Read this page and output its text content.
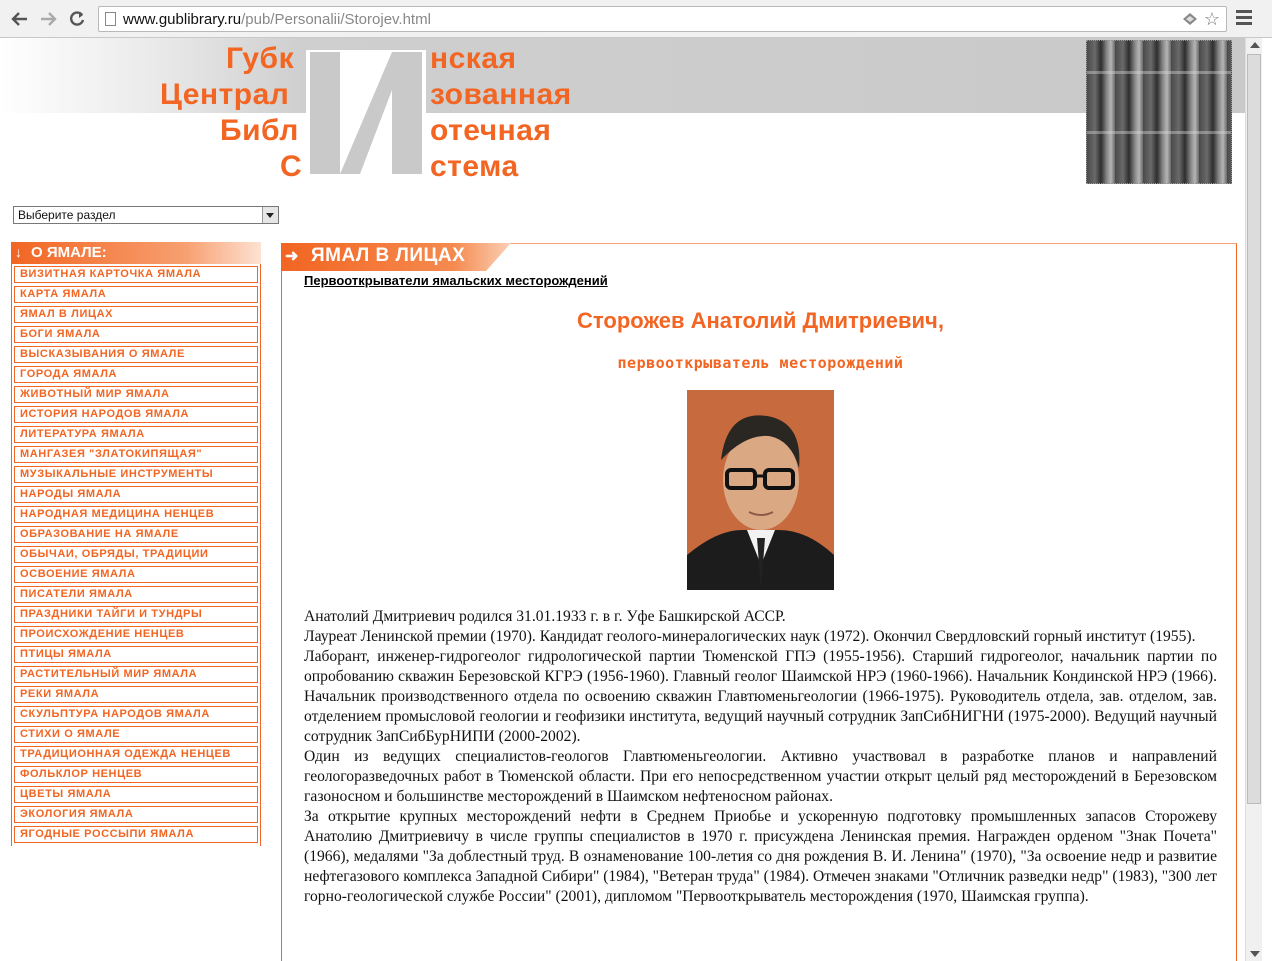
www.gublibrary.ru/pub/Personalii/Storojev.html	☆
Губк
Централ
Библ
С
нская
зованная
отечная
стема
Выберите раздел
↓ О ЯМАЛЕ:
ВИЗИТНАЯ КАРТОЧКА ЯМАЛА
КАРТА ЯМАЛА
ЯМАЛ В ЛИЦАХ
БОГИ ЯМАЛА
ВЫСКАЗЫВАНИЯ О ЯМАЛЕ
ГОРОДА ЯМАЛА
ЖИВОТНЫЙ МИР ЯМАЛА
ИСТОРИЯ НАРОДОВ ЯМАЛА
ЛИТЕРАТУРА ЯМАЛА
МАНГАЗЕЯ "ЗЛАТОКИПЯЩАЯ"
МУЗЫКАЛЬНЫЕ ИНСТРУМЕНТЫ
НАРОДЫ ЯМАЛА
НАРОДНАЯ МЕДИЦИНА НЕНЦЕВ
ОБРАЗОВАНИЕ НА ЯМАЛЕ
ОБЫЧАИ, ОБРЯДЫ, ТРАДИЦИИ
ОСВОЕНИЕ ЯМАЛА
ПИСАТЕЛИ ЯМАЛА
ПРАЗДНИКИ ТАЙГИ И ТУНДРЫ
ПРОИСХОЖДЕНИЕ НЕНЦЕВ
ПТИЦЫ ЯМАЛА
РАСТИТЕЛЬНЫЙ МИР ЯМАЛА
РЕКИ ЯМАЛА
СКУЛЬПТУРА НАРОДОВ ЯМАЛА
СТИХИ О ЯМАЛЕ
ТРАДИЦИОННАЯ ОДЕЖДА НЕНЦЕВ
ФОЛЬКЛОР НЕНЦЕВ
ЦВЕТЫ ЯМАЛА
ЭКОЛОГИЯ ЯМАЛА
ЯГОДНЫЕ РОССЫПИ ЯМАЛА
➜ ЯМАЛ В ЛИЦАХ
Первооткрыватели ямальских месторождений
Сторожев Анатолий Дмитриевич,
первооткрыватель месторождений

Анатолий Дмитриевич родился 31.01.1933 г. в г. Уфе Башкирской АССР.

Лауреат Ленинской премии (1970). Кандидат геолого-минералогических наук (1972). Окончил Свердловский горный институт (1955).

Лаборант, инженер-гидрогеолог гидрологической партии Тюменской ГПЭ (1955-1956). Старший гидрогеолог, начальник партии по опробованию скважин Березовской КГРЭ (1956-1960). Главный геолог Шаимской НРЭ (1960-1966). Начальник Кондинской НРЭ (1966). Начальник производственного отдела по освоению скважин Главтюменьгеологии (1966-1975). Руководитель отдела, зав. отделом, зав. отделением промысловой геологии и геофизики института, ведущий научный сотрудник ЗапСибНИГНИ (1975-2000). Ведущий научный сотрудник ЗапСибБурНИПИ (2000-2002).

Один из ведущих специалистов-геологов Главтюменьгеологии. Активно участвовал в разработке планов и направлений геологоразведочных работ в Тюменской области. При его непосредственном участии открыт целый ряд месторождений в Березовском газоносном и большинстве месторождений в Шаимском нефтеносном районах.

За открытие крупных месторождений нефти в Среднем Приобье и ускоренную подготовку промышленных запасов Сторожеву Анатолию Дмитриевичу в числе группы специалистов в 1970 г. присуждена Ленинская премия. Награжден орденом "Знак Почета" (1966), медалями "За доблестный труд. В ознаменование 100-летия со дня рождения В. И. Ленина" (1970), "За освоение недр и развитие нефтегазового комплекса Западной Сибири" (1984), "Ветеран труда" (1984). Отмечен знаками "Отличник разведки недр" (1983), "300 лет горно-геологической службе России" (2001), дипломом "Первооткрыватель месторождения (1970, Шаимская группа).
